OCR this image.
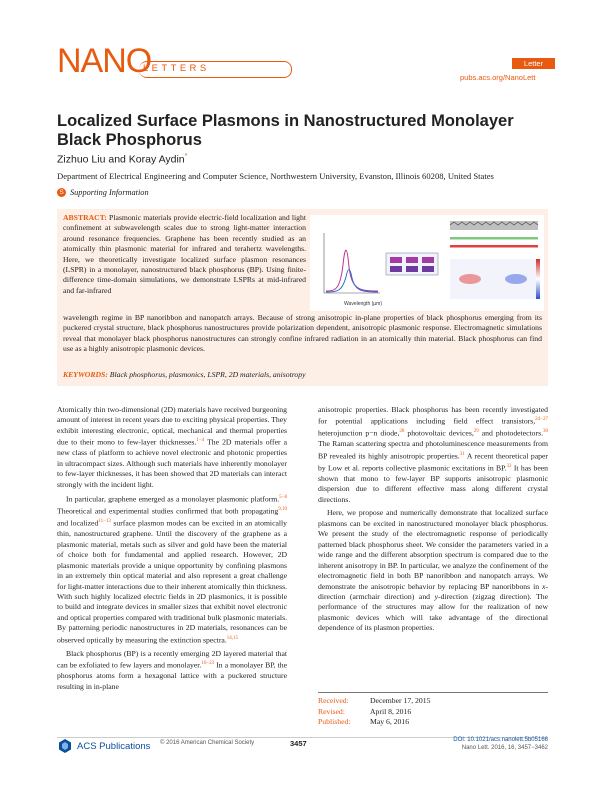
NANO
LETTERS	Letter
pubs.acs.org/NanoLett
Localized Surface Plasmons in Nanostructured Monolayer Black Phosphorus
Zizhuo Liu and Koray Aydin*
Department of Electrical Engineering and Computer Science, Northwestern University, Evanston, Illinois 60208, United States
S Supporting Information
ABSTRACT: Plasmonic materials provide electric-field localization and light confinement at subwavelength scales due to strong light-matter interaction around resonance frequencies. Graphene has been recently studied as an atomically thin plasmonic material for infrared and terahertz wavelengths. Here, we theoretically investigate localized surface plasmon resonances (LSPR) in a monolayer, nanostructured black phosphorus (BP). Using finite-difference time-domain simulations, we demonstrate LSPRs at mid-infrared and far-infrared
Wavelength (µm)
wavelength regime in BP nanoribbon and nanopatch arrays. Because of strong anisotropic in-plane properties of black phosphorus emerging from its puckered crystal structure, black phosphorus nanostructures provide polarization dependent, anisotropic plasmonic response. Electromagnetic simulations reveal that monolayer black phosphorus nanostructures can strongly confine infrared radiation in an atomically thin material. Black phosphorus can find use as a highly anisotropic plasmonic devices.
KEYWORDS: Black phosphorus, plasmonics, LSPR, 2D materials, anisotropy

Atomically thin two-dimensional (2D) materials have received burgeoning amount of interest in recent years due to exciting physical properties. They exhibit interesting electronic, optical, mechanical and thermal properties due to their mono to few-layer thicknesses.$^{1-4}$ The 2D materials offer a new class of platform to achieve novel electronic and photonic properties in ultracompact sizes. Although such materials have inherently monolayer to few-layer thicknesses, it has been showed that 2D materials can interact strongly with the incident light.

In particular, graphene emerged as a monolayer plasmonic platform.$^{5-8}$ Theoretical and experimental studies confirmed that both propagating$^{9,10}$ and localized$^{11-13}$ surface plasmon modes can be excited in an atomically thin, nanostructured graphene. Until the discovery of the graphene as a plasmonic material, metals such as silver and gold have been the material of choice both for fundamental and applied research. However, 2D plasmonic materials provide a unique opportunity by confining plasmons in an extremely thin optical material and also represent a great challenge for light-matter interactions due to their inherent atomically thin thickness. With such highly localized electric fields in 2D plasmonics, it is possible to build and integrate devices in smaller sizes that exhibit novel electronic and optical properties compared with traditional bulk plasmonic materials. By patterning periodic nanostructures in 2D materials, resonances can be observed optically by measuring the extinction spectra.$^{14,15}$

Black phosphorus (BP) is a recently emerging 2D layered material that can be exfoliated to few layers and monolayer.$^{16-23}$ In a monolayer BP, the phosphorus atoms form a hexagonal lattice with a puckered structure resulting in in-plane

anisotropic properties. Black phosphorus has been recently investigated for potential applications including field effect transistors,$^{24-27}$ heterojunction p−n diode,$^{28}$ photovoltaic devices,$^{29}$ and photodetectors.$^{30}$ The Raman scattering spectra and photoluminescence measurements from BP revealed its highly anisotropic properties.$^{31}$ A recent theoretical paper by Low et al. reports collective plasmonic excitations in BP.$^{32}$ It has been shown that mono to few-layer BP supports anisotropic plasmonic dispersion due to different effective mass along different crystal directions.

Here, we propose and numerically demonstrate that localized surface plasmons can be excited in nanostructured monolayer black phosphorus. We present the study of the electromagnetic response of periodically patterned black phosphorus sheet. We consider the parameters varied in a wide range and the different absorption spectrum is compared due to the inherent anisotropy in BP. In particular, we analyze the confinement of the electromagnetic field in both BP nanoribbon and nanopatch arrays. We demonstrate the anisotropic behavior by replacing BP nanoribbons in x-direction (armchair direction) and y-direction (zigzag direction). The performance of the structures may allow for the realization of new plasmonic devices which will take advantage of the directional dependence of its plasmon properties.

Received:	December 17, 2015
Revised:	April 8, 2016
Published:	May 6, 2016
ACS Publications © 2016 American Chemical Society	3457	DOI: 10.1021/acs.nanolett.5b05166
Nano Lett. 2016, 16, 3457−3462
